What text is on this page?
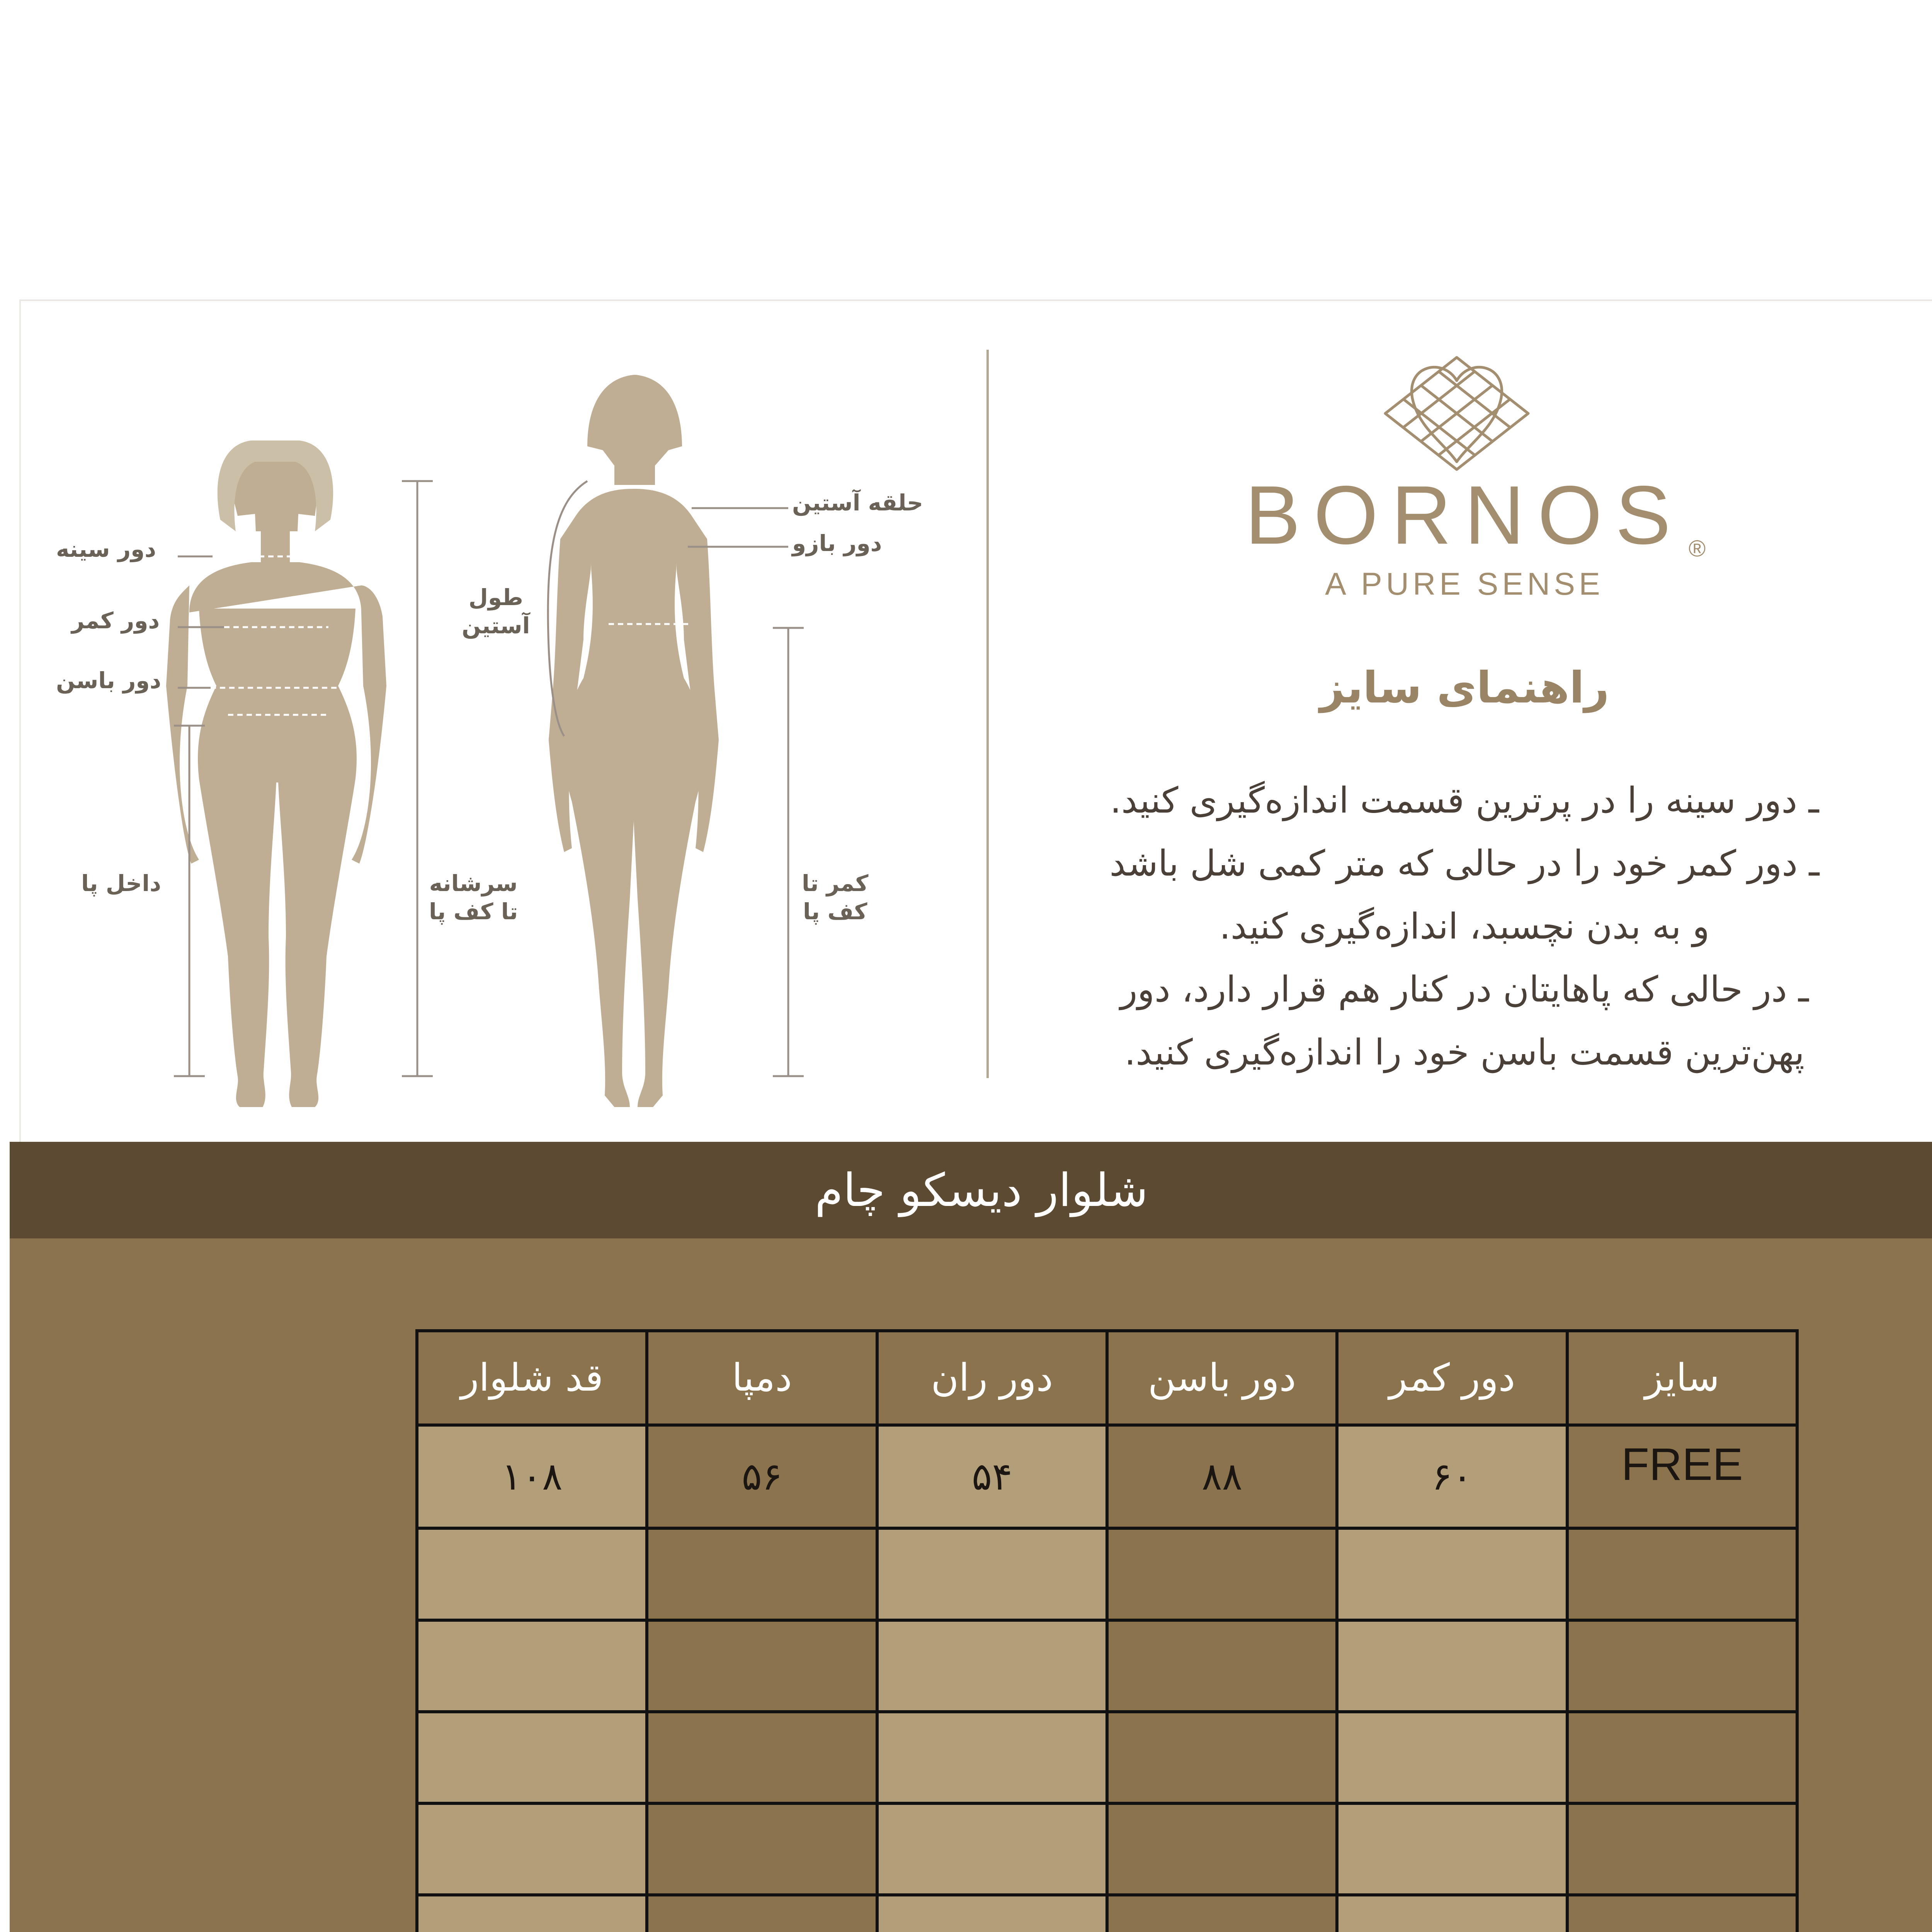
دور سینه
دور کمر
دور باسن
داخل پا	سرشانه
تا کف پا
طول
آستین
حلقه آستین
دور بازو
کمر تا
کف پا
BORNOS ®
A PURE SENSE
راهنمای سایز
ـ دور سینه را در پرترین قسمت اندازه‌گیری کنید.
ـ دور کمر خود را در حالی که متر کمی شل باشد
و به بدن نچسبد، اندازه‌گیری کنید.
ـ در حالی که پاهایتان در کنار هم قرار دارد، دور
پهن‌ترین قسمت باسن خود را اندازه‌گیری کنید.
شلوار دیسکو چام
سایز	دور کمر	دور باسن	دور ران	دمپا	قد شلوار
FREE	۶۰	۸۸	۵۴	۵۶	۱۰۸
